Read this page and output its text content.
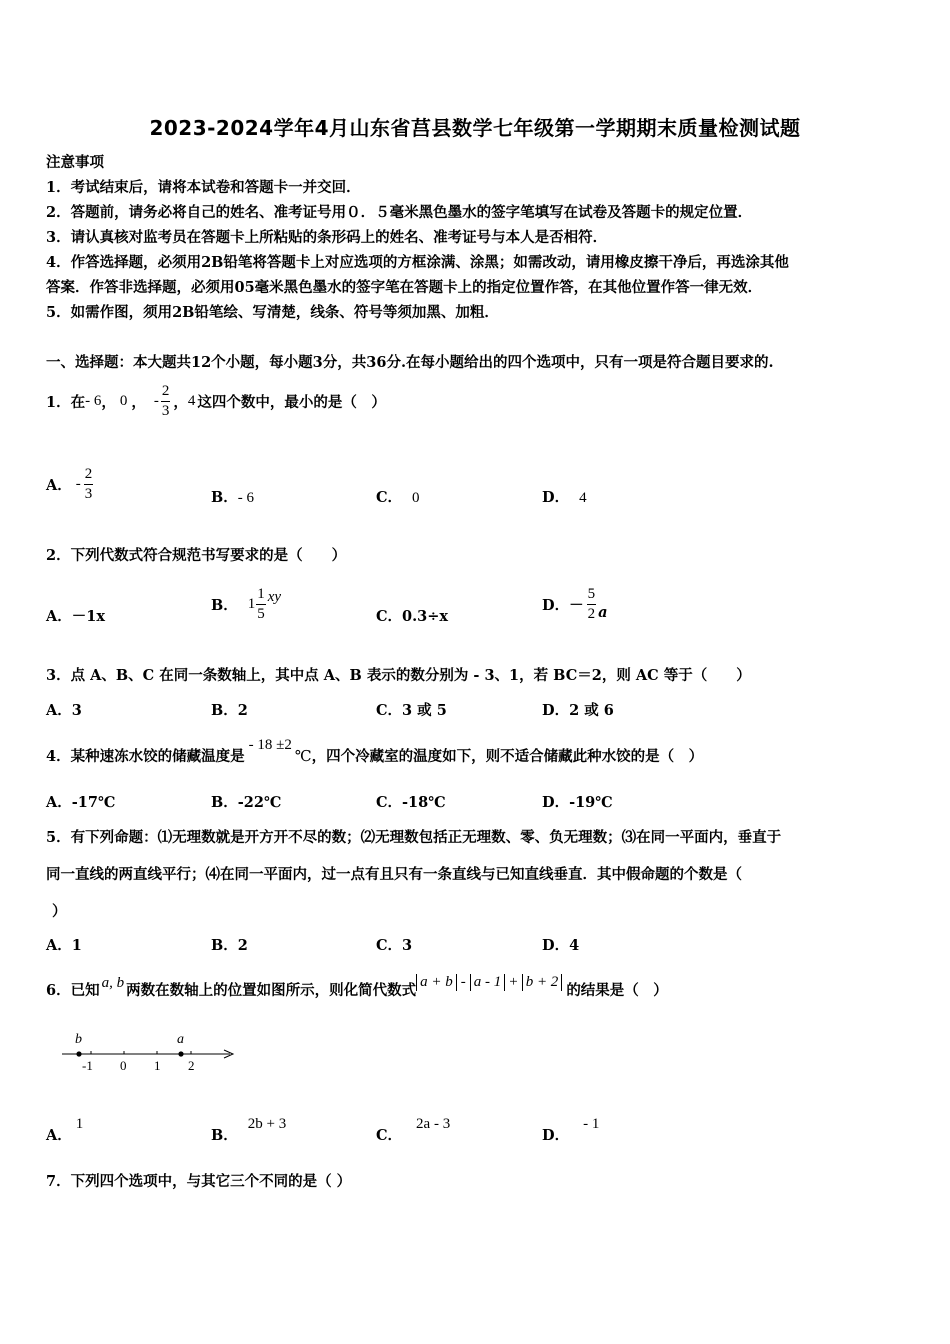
2023-2024学年4月山东省莒县数学七年级第一学期期末质量检测试题
注意事项
1．考试结束后，请将本试卷和答题卡一并交回．
2．答题前，请务必将自己的姓名、准考证号用０．５毫米黑色墨水的签字笔填写在试卷及答题卡的规定位置．
3．请认真核对监考员在答题卡上所粘贴的条形码上的姓名、准考证号与本人是否相符．
4．作答选择题，必须用2B铅笔将答题卡上对应选项的方框涂满、涂黑；如需改动，请用橡皮擦干净后，再选涂其他
答案．作答非选择题，必须用05毫米黑色墨水的签字笔在答题卡上的指定位置作答，在其他位置作答一律无效．
5．如需作图，须用2B铅笔绘、写清楚，线条、符号等须加黑、加粗．
一、选择题：本大题共12个小题，每小题3分，共36分.在每小题给出的四个选项中，只有一项是符合题目要求的.
1．在 - 6 ， 0 ， - $\frac{2}{3}$ ， 4 这四个数中，最小的是（　）
A． - $\frac{2}{3}$	B．- 6	C． 0	D． 4
2．下列代数式符合规范书写要求的是（　　）
A．－1x
B． $1 \frac{1}{5}$ xy
C．0.3÷x
D．－ $\frac{5}{2}$ a
3．点 A、B、C 在同一条数轴上，其中点 A、B 表示的数分别为 - 3、1，若 BC＝2，则 AC 等于（　　）
A．3	B．2	C．3 或 5	D．2 或 6
4．某种速冻水饺的储藏温度是- 18 ±2℃，四个冷藏室的温度如下，则不适合储藏此种水饺的是（　）
A．-17℃	B．-22℃	C．-18℃	D．-19℃
5．有下列命题：⑴无理数就是开方开不尽的数；⑵无理数包括正无理数、零、负无理数；⑶在同一平面内，垂直于
同一直线的两直线平行；⑷在同一平面内，过一点有且只有一条直线与已知直线垂直．其中假命题的个数是（
）
A．1	B．2	C．3	D．4
6．已知 a, b 两数在数轴上的位置如图所示，则化简代数式 a + b - a - 1 + b + 2 的结果是（　）
b	a
-1 0 1 2
A．1
B．2b + 3
C．2a - 3
D．- 1
7．下列四个选项中，与其它三个不同的是（ ）
